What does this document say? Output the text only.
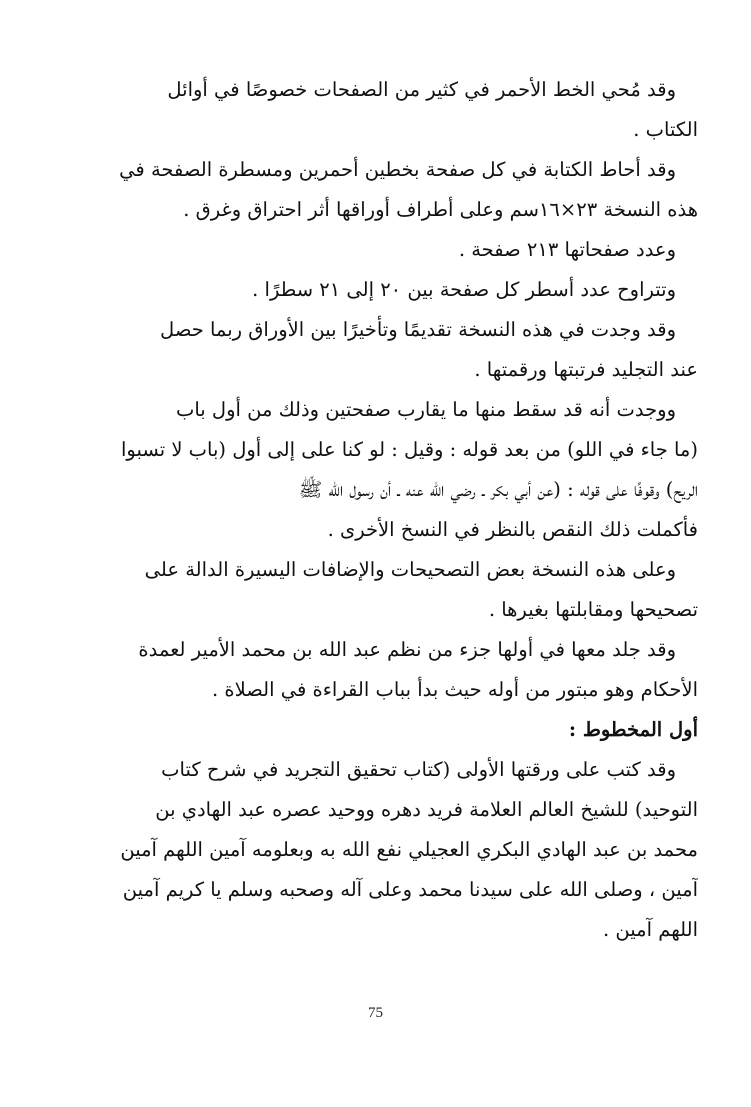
وقد مُحي الخط الأحمر في كثير من الصفحات خصوصًا في أوائل
الكتاب .
وقد أحاط الكتابة في كل صفحة بخطين أحمرين ومسطرة الصفحة في
هذه النسخة ٢٣×١٦سم وعلى أطراف أوراقها أثر احتراق وغرق .
وعدد صفحاتها ٢١٣ صفحة .
وتتراوح عدد أسطر كل صفحة بين ٢٠ إلى ٢١ سطرًا .
وقد وجدت في هذه النسخة تقديمًا وتأخيرًا بين الأوراق ربما حصل
عند التجليد فرتبتها ورقمتها .
ووجدت أنه قد سقط منها ما يقارب صفحتين وذلك من أول باب
(ما جاء في اللو) من بعد قوله : وقيل : لو كنا على إلى أول (باب لا تسبوا
الريح) وقوفًا على قوله : (عن أبي بكر ـ رضي الله عنه ـ أن رسول الله ﷺ
فأكملت ذلك النقص بالنظر في النسخ الأخرى .
وعلى هذه النسخة بعض التصحيحات والإضافات اليسيرة الدالة على
تصحيحها ومقابلتها بغيرها .
وقد جلد معها في أولها جزء من نظم عبد الله بن محمد الأمير لعمدة
الأحكام وهو مبتور من أوله حيث بدأ بباب القراءة في الصلاة .
أول المخطوط :
وقد كتب على ورقتها الأولى (كتاب تحقيق التجريد في شرح كتاب
التوحيد) للشيخ العالم العلامة فريد دهره ووحيد عصره عبد الهادي بن
محمد بن عبد الهادي البكري العجيلي نفع الله به وبعلومه آمين اللهم آمين
آمين ، وصلى الله على سيدنا محمد وعلى آله وصحبه وسلم يا كريم آمين
اللهم آمين .
75
